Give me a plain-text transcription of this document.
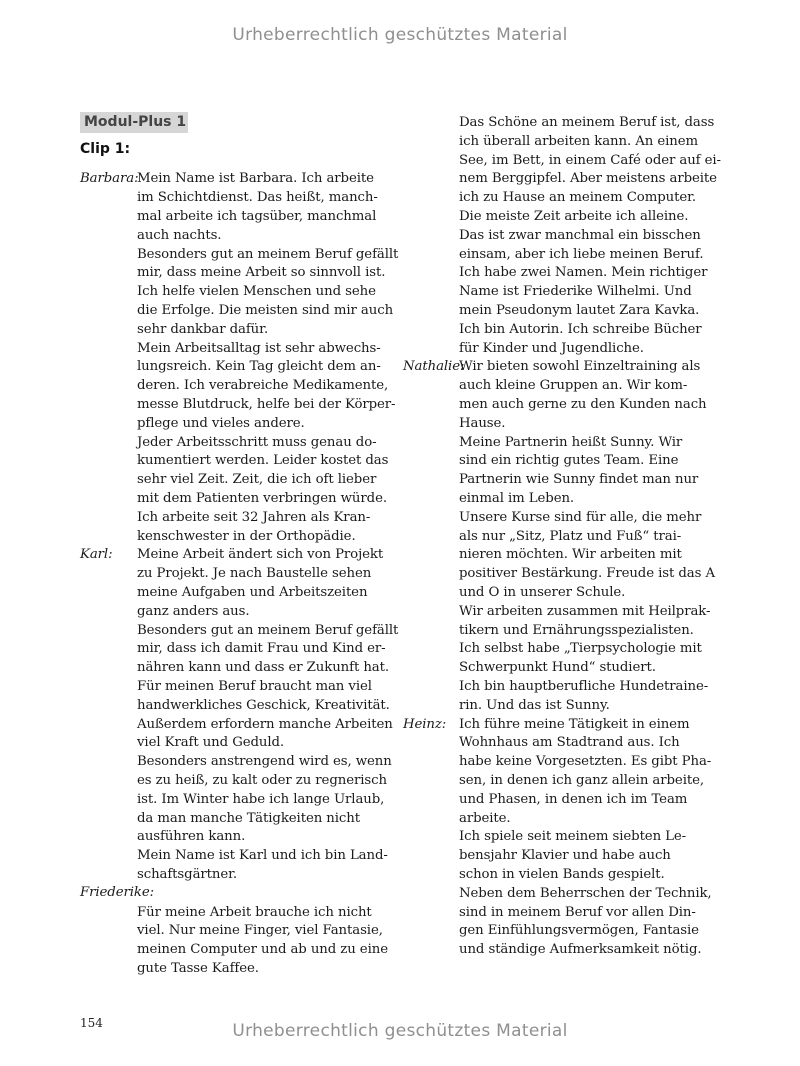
Urheberrechtlich geschütztes Material
Modul-Plus 1
Clip 1:
Barbara:
Karl:
Friederike:
Mein Name ist Barbara. Ich arbeite
im Schichtdienst. Das heißt, manch-
mal arbeite ich tagsüber, manchmal
auch nachts.
Besonders gut an meinem Beruf gefällt
mir, dass meine Arbeit so sinnvoll ist.
Ich helfe vielen Menschen und sehe
die Erfolge. Die meisten sind mir auch
sehr dankbar dafür.
Mein Arbeitsalltag ist sehr abwechs-
lungsreich. Kein Tag gleicht dem an-
deren. Ich verabreiche Medikamente,
messe Blutdruck, helfe bei der Körper-
pflege und vieles andere.
Jeder Arbeitsschritt muss genau do-
kumentiert werden. Leider kostet das
sehr viel Zeit. Zeit, die ich oft lieber
mit dem Patienten verbringen würde.
Ich arbeite seit 32 Jahren als Kran-
kenschwester in der Orthopädie.
Meine Arbeit ändert sich von Projekt
zu Projekt. Je nach Baustelle sehen
meine Aufgaben und Arbeitszeiten
ganz anders aus.
Besonders gut an meinem Beruf gefällt
mir, dass ich damit Frau und Kind er-
nähren kann und dass er Zukunft hat.
Für meinen Beruf braucht man viel
handwerkliches Geschick, Kreativität.
Außerdem erfordern manche Arbeiten
viel Kraft und Geduld.
Besonders anstrengend wird es, wenn
es zu heiß, zu kalt oder zu regnerisch
ist. Im Winter habe ich lange Urlaub,
da man manche Tätigkeiten nicht
ausführen kann.
Mein Name ist Karl und ich bin Land-
schaftsgärtner.
Für meine Arbeit brauche ich nicht
viel. Nur meine Finger, viel Fantasie,
meinen Computer und ab und zu eine
gute Tasse Kaffee.
Nathalie:
Heinz:
Das Schöne an meinem Beruf ist, dass
ich überall arbeiten kann. An einem
See, im Bett, in einem Café oder auf ei-
nem Berggipfel. Aber meistens arbeite
ich zu Hause an meinem Computer.
Die meiste Zeit arbeite ich alleine.
Das ist zwar manchmal ein bisschen
einsam, aber ich liebe meinen Beruf.
Ich habe zwei Namen. Mein richtiger
Name ist Friederike Wilhelmi. Und
mein Pseudonym lautet Zara Kavka.
Ich bin Autorin. Ich schreibe Bücher
für Kinder und Jugendliche.
Wir bieten sowohl Einzeltraining als
auch kleine Gruppen an. Wir kom-
men auch gerne zu den Kunden nach
Hause.
Meine Partnerin heißt Sunny. Wir
sind ein richtig gutes Team. Eine
Partnerin wie Sunny findet man nur
einmal im Leben.
Unsere Kurse sind für alle, die mehr
als nur „Sitz, Platz und Fuß“ trai-
nieren möchten. Wir arbeiten mit
positiver Bestärkung. Freude ist das A
und O in unserer Schule.
Wir arbeiten zusammen mit Heilprak-
tikern und Ernährungsspezialisten.
Ich selbst habe „Tierpsychologie mit
Schwerpunkt Hund“ studiert.
Ich bin hauptberufliche Hundetraine-
rin. Und das ist Sunny.
Ich führe meine Tätigkeit in einem
Wohnhaus am Stadtrand aus. Ich
habe keine Vorgesetzten. Es gibt Pha-
sen, in denen ich ganz allein arbeite,
und Phasen, in denen ich im Team
arbeite.
Ich spiele seit meinem siebten Le-
bensjahr Klavier und habe auch
schon in vielen Bands gespielt.
Neben dem Beherrschen der Technik,
sind in meinem Beruf vor allen Din-
gen Einfühlungsvermögen, Fantasie
und ständige Aufmerksamkeit nötig.
154	Urheberrechtlich geschütztes Material
